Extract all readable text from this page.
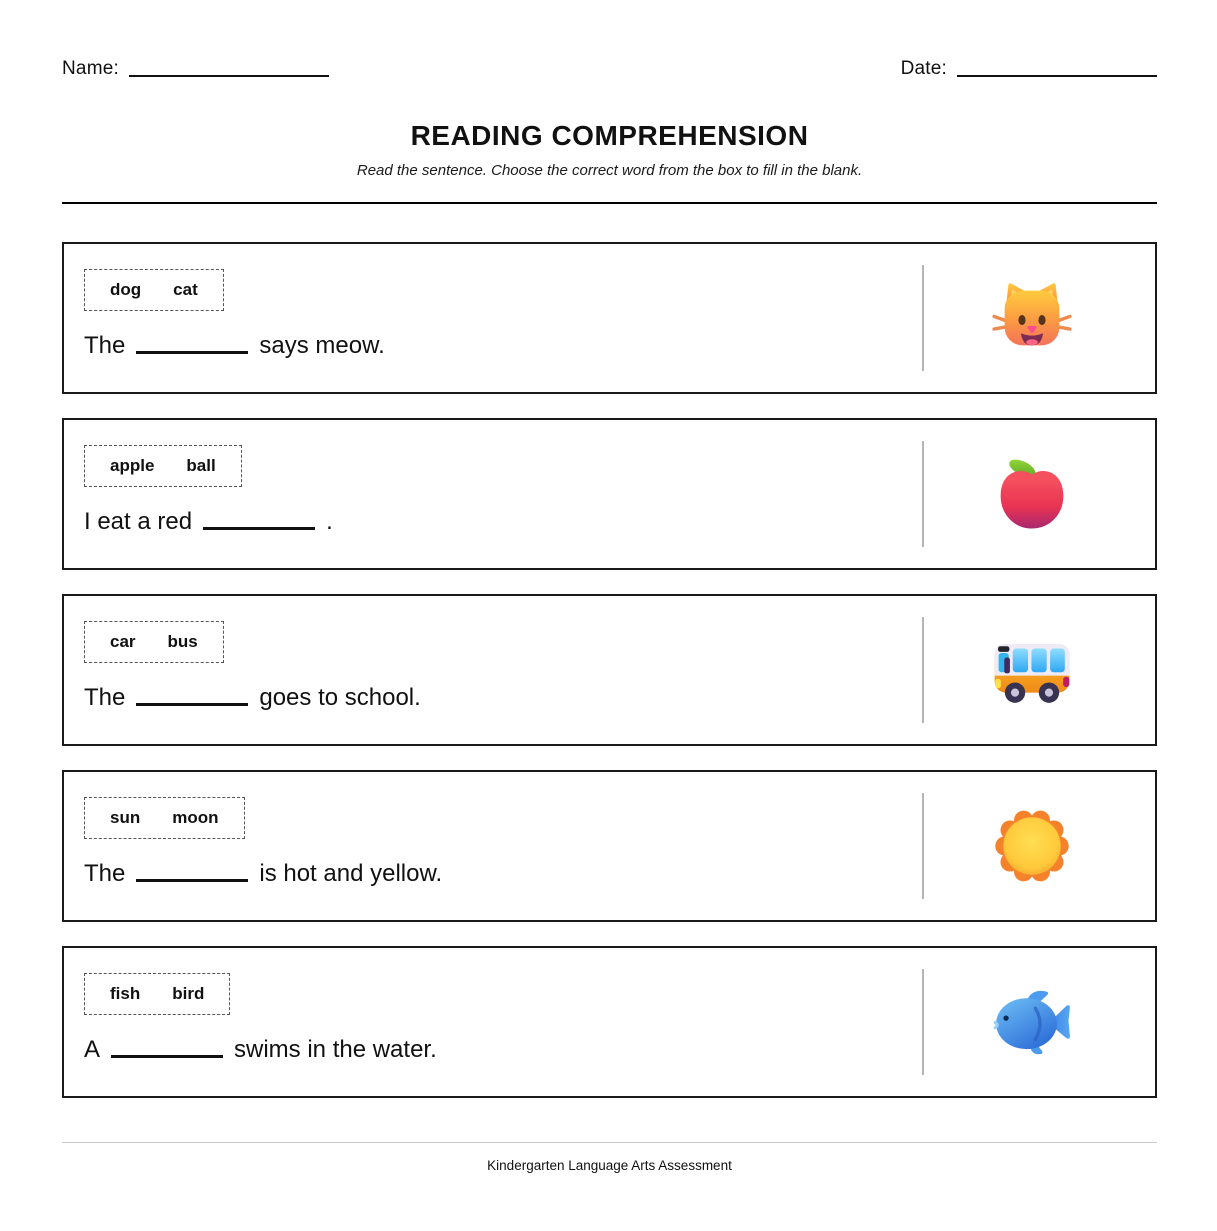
Name:	Date:
READING COMPREHENSION
Read the sentence. Choose the correct word from the box to fill in the blank.
dog cat
The	says meow.
apple ball
I eat a red	.
car bus
The	goes to school.
sun moon
The	is hot and yellow.
fish bird
A	swims in the water.
Kindergarten Language Arts Assessment
